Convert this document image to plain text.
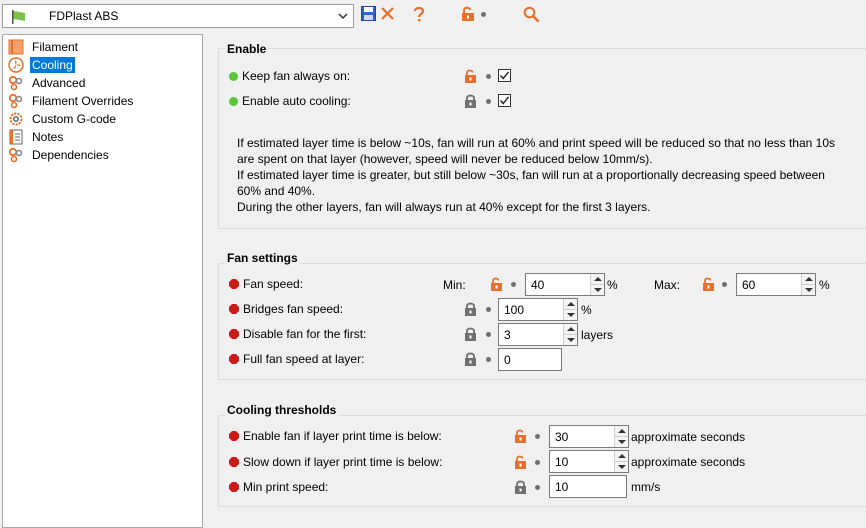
FDPlast ABS
Filament
Cooling
Advanced
Filament Overrides
Custom G-code
Notes
Dependencies
Enable
Keep fan always on:
Enable auto cooling:
If estimated layer time is below ~10s, fan will run at 60% and print speed will be reduced so that no less than 10s
are spent on that layer (however, speed will never be reduced below 10mm/s).
If estimated layer time is greater, but still below ~30s, fan will run at a proportionally decreasing speed between
60% and 40%.
During the other layers, fan will always run at 40% except for the first 3 layers.
Fan settings
Fan speed:	Min:	40	%	Max:	60	%
Bridges fan speed:	100	%
Disable fan for the first:	3	layers
Full fan speed at layer:	0
Cooling thresholds
Enable fan if layer print time is below:	30	approximate seconds
Slow down if layer print time is below:	10	approximate seconds
Min print speed:	10	mm/s
